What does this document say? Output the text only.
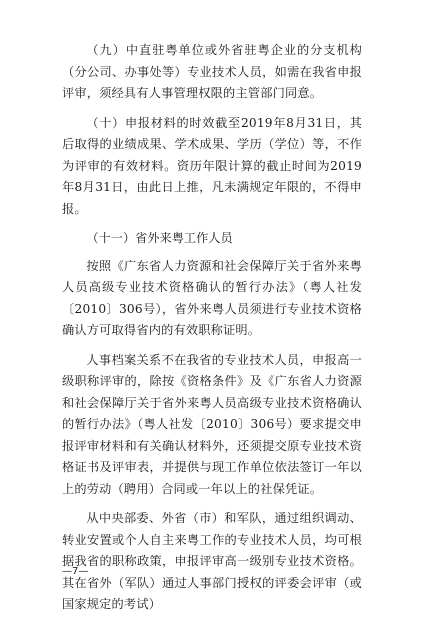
（九）中直驻粤单位或外省驻粤企业的分支机构（分公司、办事处等）专业技术人员，如需在我省申报评审，须经具有人事管理权限的主管部门同意。

（十）申报材料的时效截至2019年8月31日，其后取得的业绩成果、学术成果、学历（学位）等，不作为评审的有效材料。资历年限计算的截止时间为2019年8月31日，由此日上推，凡未满规定年限的，不得申报。

（十一）省外来粤工作人员

按照《广东省人力资源和社会保障厅关于省外来粤人员高级专业技术资格确认的暂行办法》（粤人社发〔2010〕306号），省外来粤人员须进行专业技术资格确认方可取得省内的有效职称证明。

人事档案关系不在我省的专业技术人员，申报高一级职称评审的，除按《资格条件》及《广东省人力资源和社会保障厅关于省外来粤人员高级专业技术资格确认的暂行办法》（粤人社发〔2010〕306号）要求提交申报评审材料和有关确认材料外，还须提交原专业技术资格证书及评审表，并提供与现工作单位依法签订一年以上的劳动（聘用）合同或一年以上的社保凭证。

从中央部委、外省（市）和军队，通过组织调动、转业安置或个人自主来粤工作的专业技术人员，均可根据我省的职称政策，申报评审高一级别专业技术资格。其在省外（军队）通过人事部门授权的评委会评审（或国家规定的考试）

—7—
